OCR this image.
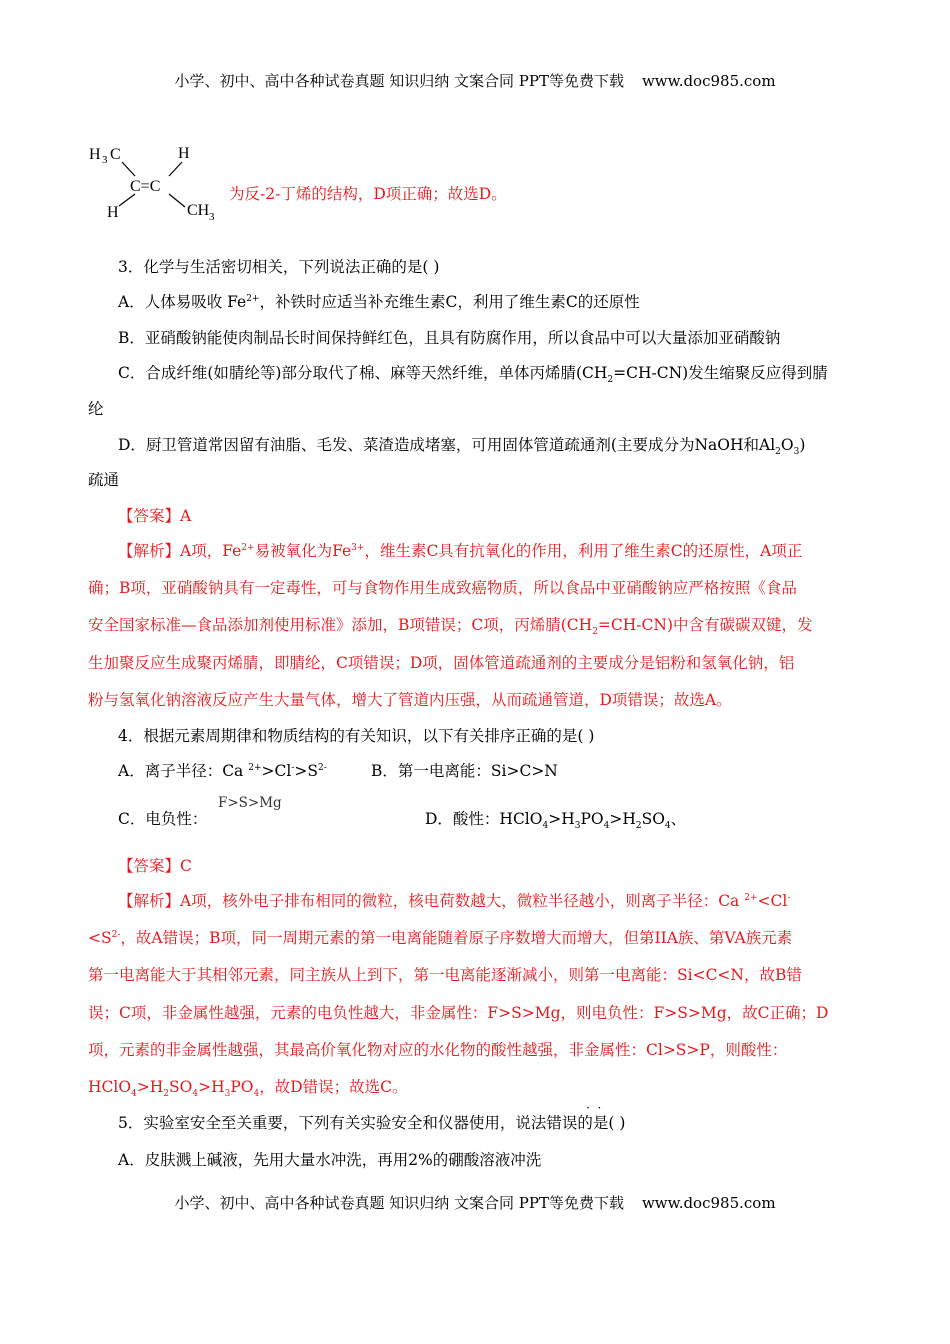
小学、初中、高中各种试卷真题 知识归纳 文案合同 PPT等免费下载 www.doc985.com
H 3 C	H
C=C
H	CH 3
为反-2-丁烯的结构，D项正确；故选D。
3．化学与生活密切相关，下列说法正确的是( )
A．人体易吸收 $Fe^{2+}$，补铁时应适当补充维生素C，利用了维生素C的还原性
B．亚硝酸钠能使肉制品长时间保持鲜红色，且具有防腐作用，所以食品中可以大量添加亚硝酸钠
C．合成纤维(如腈纶等)部分取代了棉、麻等天然纤维，单体丙烯腈$(CH_2=CH-CN)$发生缩聚反应得到腈
纶
D．厨卫管道常因留有油脂、毛发、菜渣造成堵塞，可用固体管道疏通剂(主要成分为NaOH和$Al_2O_3$)
疏通
【答案】A
【解析】A项，$Fe^{2+}$易被氧化为$Fe^{3+}$，维生素C具有抗氧化的作用，利用了维生素C的还原性，A项正
确；B项，亚硝酸钠具有一定毒性，可与食物作用生成致癌物质，所以食品中亚硝酸钠应严格按照《食品
安全国家标准—食品添加剂使用标准》添加，B项错误；C项，丙烯腈$(CH_2=CH-CN)$中含有碳碳双键，发
生加聚反应生成聚丙烯腈，即腈纶，C项错误；D项，固体管道疏通剂的主要成分是铝粉和氢氧化钠，铝
粉与氢氧化钠溶液反应产生大量气体，增大了管道内压强，从而疏通管道，D项错误；故选A。
4．根据元素周期律和物质结构的有关知识，以下有关排序正确的是( )
A．离子半径：Ca $^{2+}>Cl^->S^{2-}$	B．第一电离能：Si>C>N
F>S>Mg
C．电负性：	D．酸性：$HClO_4>H_3PO_4>H_2SO_4$、
【答案】C
【解析】A项，核外电子排布相同的微粒，核电荷数越大，微粒半径越小，则离子半径：Ca $^{2+}$<Cl-
$<S^{2-}$，故A错误；B项，同一周期元素的第一电离能随着原子序数增大而增大，但第IIA族、第VA族元素
第一电离能大于其相邻元素，同主族从上到下，第一电离能逐渐减小，则第一电离能：Si<C<N，故B错
误；C项，非金属性越强，元素的电负性越大，非金属性：F>S>Mg，则电负性：F>S>Mg，故C正确；D
项，元素的非金属性越强，其最高价氧化物对应的水化物的酸性越强，非金属性：Cl>S>P，则酸性：
$HClO_4>H_2SO_4>H_3PO_4$，故D错误；故选C。
·  ·
5．实验室安全至关重要，下列有关实验安全和仪器使用，说法错误的是( )
A．皮肤溅上碱液，先用大量水冲洗，再用2%的硼酸溶液冲洗
小学、初中、高中各种试卷真题 知识归纳 文案合同 PPT等免费下载 www.doc985.com
